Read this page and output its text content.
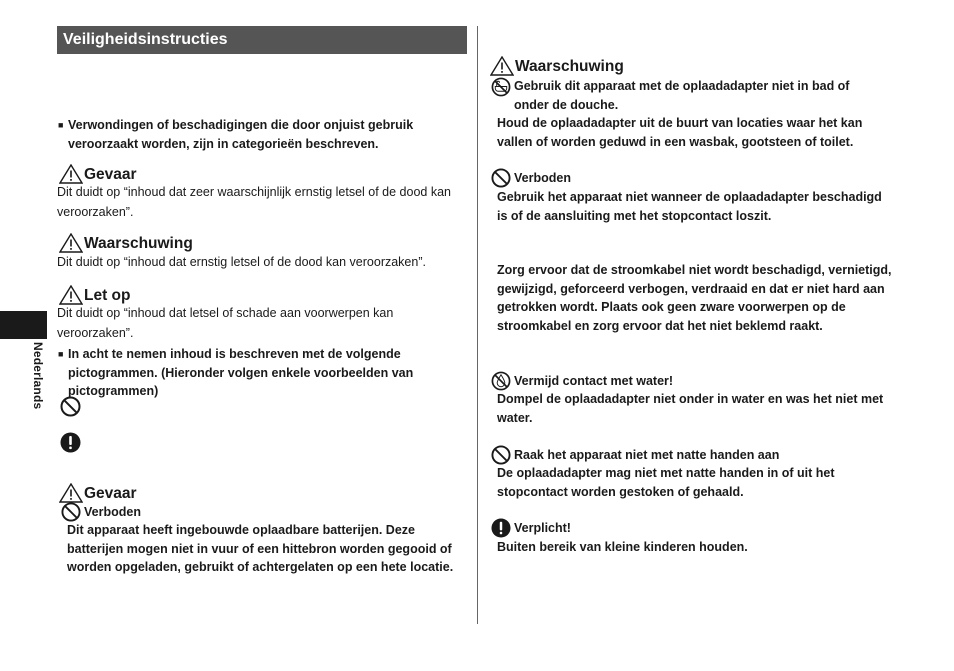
Veiligheidsinstructies
Nederlands
■ Verwondingen of beschadigingen die door onjuist gebruik veroorzaakt worden, zijn in categorieën beschreven.
Gevaar
Dit duidt op “inhoud dat zeer waarschijnlijk ernstig letsel of de dood kan veroorzaken”.
Waarschuwing
Dit duidt op “inhoud dat ernstig letsel of de dood kan veroorzaken”.
Let op
Dit duidt op “inhoud dat letsel of schade aan voorwerpen kan veroorzaken”.
■ In acht te nemen inhoud is beschreven met de volgende pictogrammen. (Hieronder volgen enkele voorbeelden van pictogrammen)
Gevaar
Verboden
Dit apparaat heeft ingebouwde oplaadbare batterijen. Deze batterijen mogen niet in vuur of een hittebron worden gegooid of worden opgeladen, gebruikt of achtergelaten op een hete locatie.
Waarschuwing
Gebruik dit apparaat met de oplaadadapter niet in bad of onder de douche.
Houd de oplaadadapter uit de buurt van locaties waar het kan vallen of worden geduwd in een wasbak, gootsteen of toilet.
Verboden
Gebruik het apparaat niet wanneer de oplaadadapter beschadigd is of de aansluiting met het stopcontact loszit.
Zorg ervoor dat de stroomkabel niet wordt beschadigd, vernietigd, gewijzigd, geforceerd verbogen, verdraaid en dat er niet hard aan getrokken wordt. Plaats ook geen zware voorwerpen op de stroomkabel en zorg ervoor dat het niet beklemd raakt.
Vermijd contact met water!
Dompel de oplaadadapter niet onder in water en was het niet met water.
Raak het apparaat niet met natte handen aan
De oplaadadapter mag niet met natte handen in of uit het stopcontact worden gestoken of gehaald.
Verplicht!
Buiten bereik van kleine kinderen houden.
